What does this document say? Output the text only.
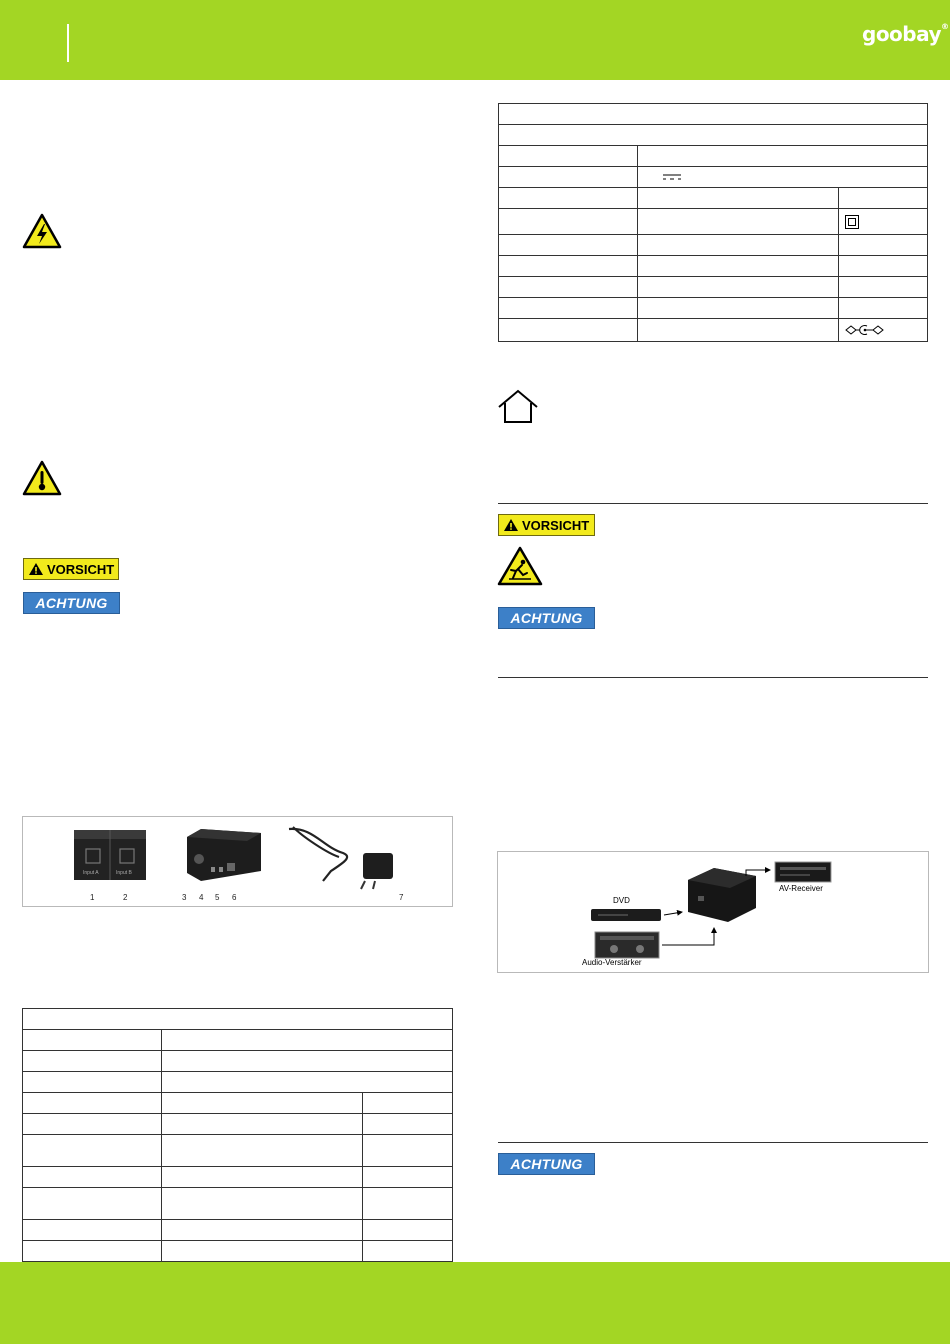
goobay®
VORSICHT
ACHTUNG
Input A	Input B
1	2	3 4 5 6	7

VORSICHT
ACHTUNG
DVD
Audio-Verstärker
AV-Receiver
ACHTUNG
